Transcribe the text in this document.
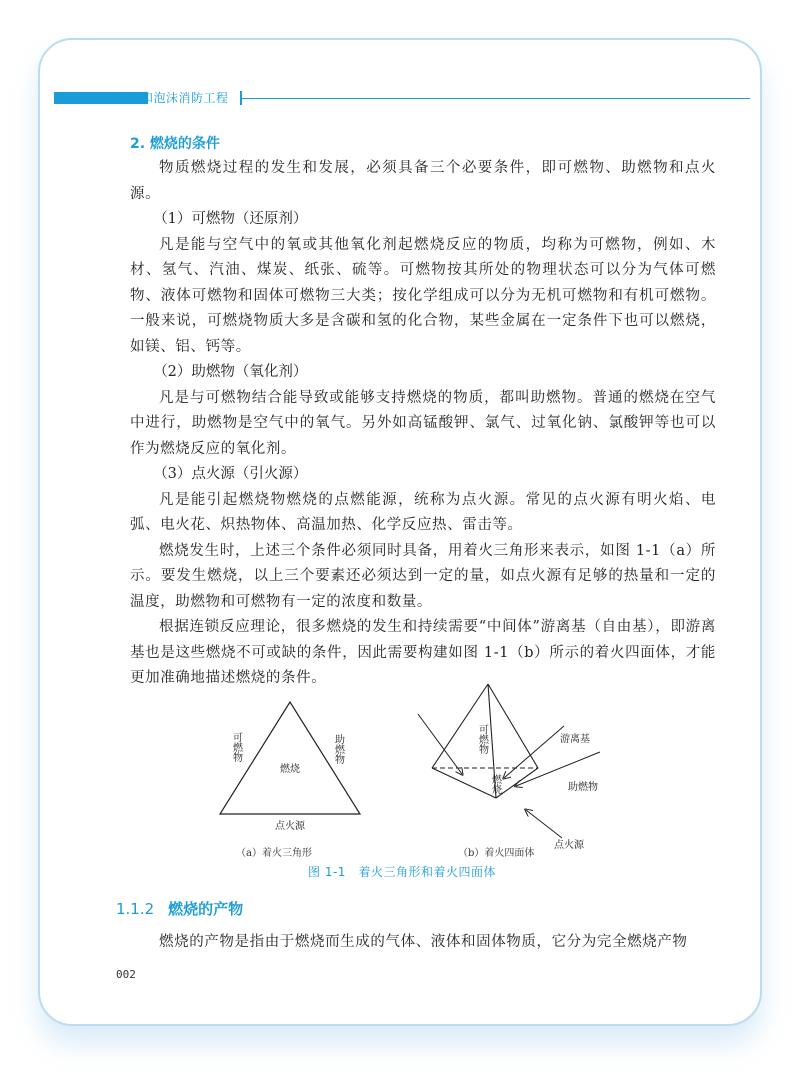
气体和泡沫消防工程

2. 燃烧的条件

物质燃烧过程的发生和发展，必须具备三个必要条件，即可燃物、助燃物和点火源。

（1）可燃物（还原剂）

凡是能与空气中的氧或其他氧化剂起燃烧反应的物质，均称为可燃物，例如、木材、氢气、汽油、煤炭、纸张、硫等。可燃物按其所处的物理状态可以分为气体可燃物、液体可燃物和固体可燃物三大类；按化学组成可以分为无机可燃物和有机可燃物。一般来说，可燃烧物质大多是含碳和氢的化合物，某些金属在一定条件下也可以燃烧，如镁、铝、钙等。

（2）助燃物（氧化剂）

凡是与可燃物结合能导致或能够支持燃烧的物质，都叫助燃物。普通的燃烧在空气中进行，助燃物是空气中的氧气。另外如高锰酸钾、氯气、过氧化钠、氯酸钾等也可以作为燃烧反应的氧化剂。

（3）点火源（引火源）

凡是能引起燃烧物燃烧的点燃能源，统称为点火源。常见的点火源有明火焰、电弧、电火花、炽热物体、高温加热、化学反应热、雷击等。

燃烧发生时，上述三个条件必须同时具备，用着火三角形来表示，如图 1-1（a）所示。要发生燃烧，以上三个要素还必须达到一定的量，如点火源有足够的热量和一定的温度，助燃物和可燃物有一定的浓度和数量。

根据连锁反应理论，很多燃烧的发生和持续需要“中间体”游离基（自由基），即游离基也是这些燃烧不可或缺的条件，因此需要构建如图 1-1（b）所示的着火四面体，才能更加准确地描述燃烧的条件。

可燃物	助燃物
燃烧
点火源
（a）着火三角形
可燃物	游离基
助燃物
点火源
燃烧
（b）着火四面体
图 1-1　着火三角形和着火四面体
1.1.2 燃烧的产物

燃烧的产物是指由于燃烧而生成的气体、液体和固体物质，它分为完全燃烧产物

002
